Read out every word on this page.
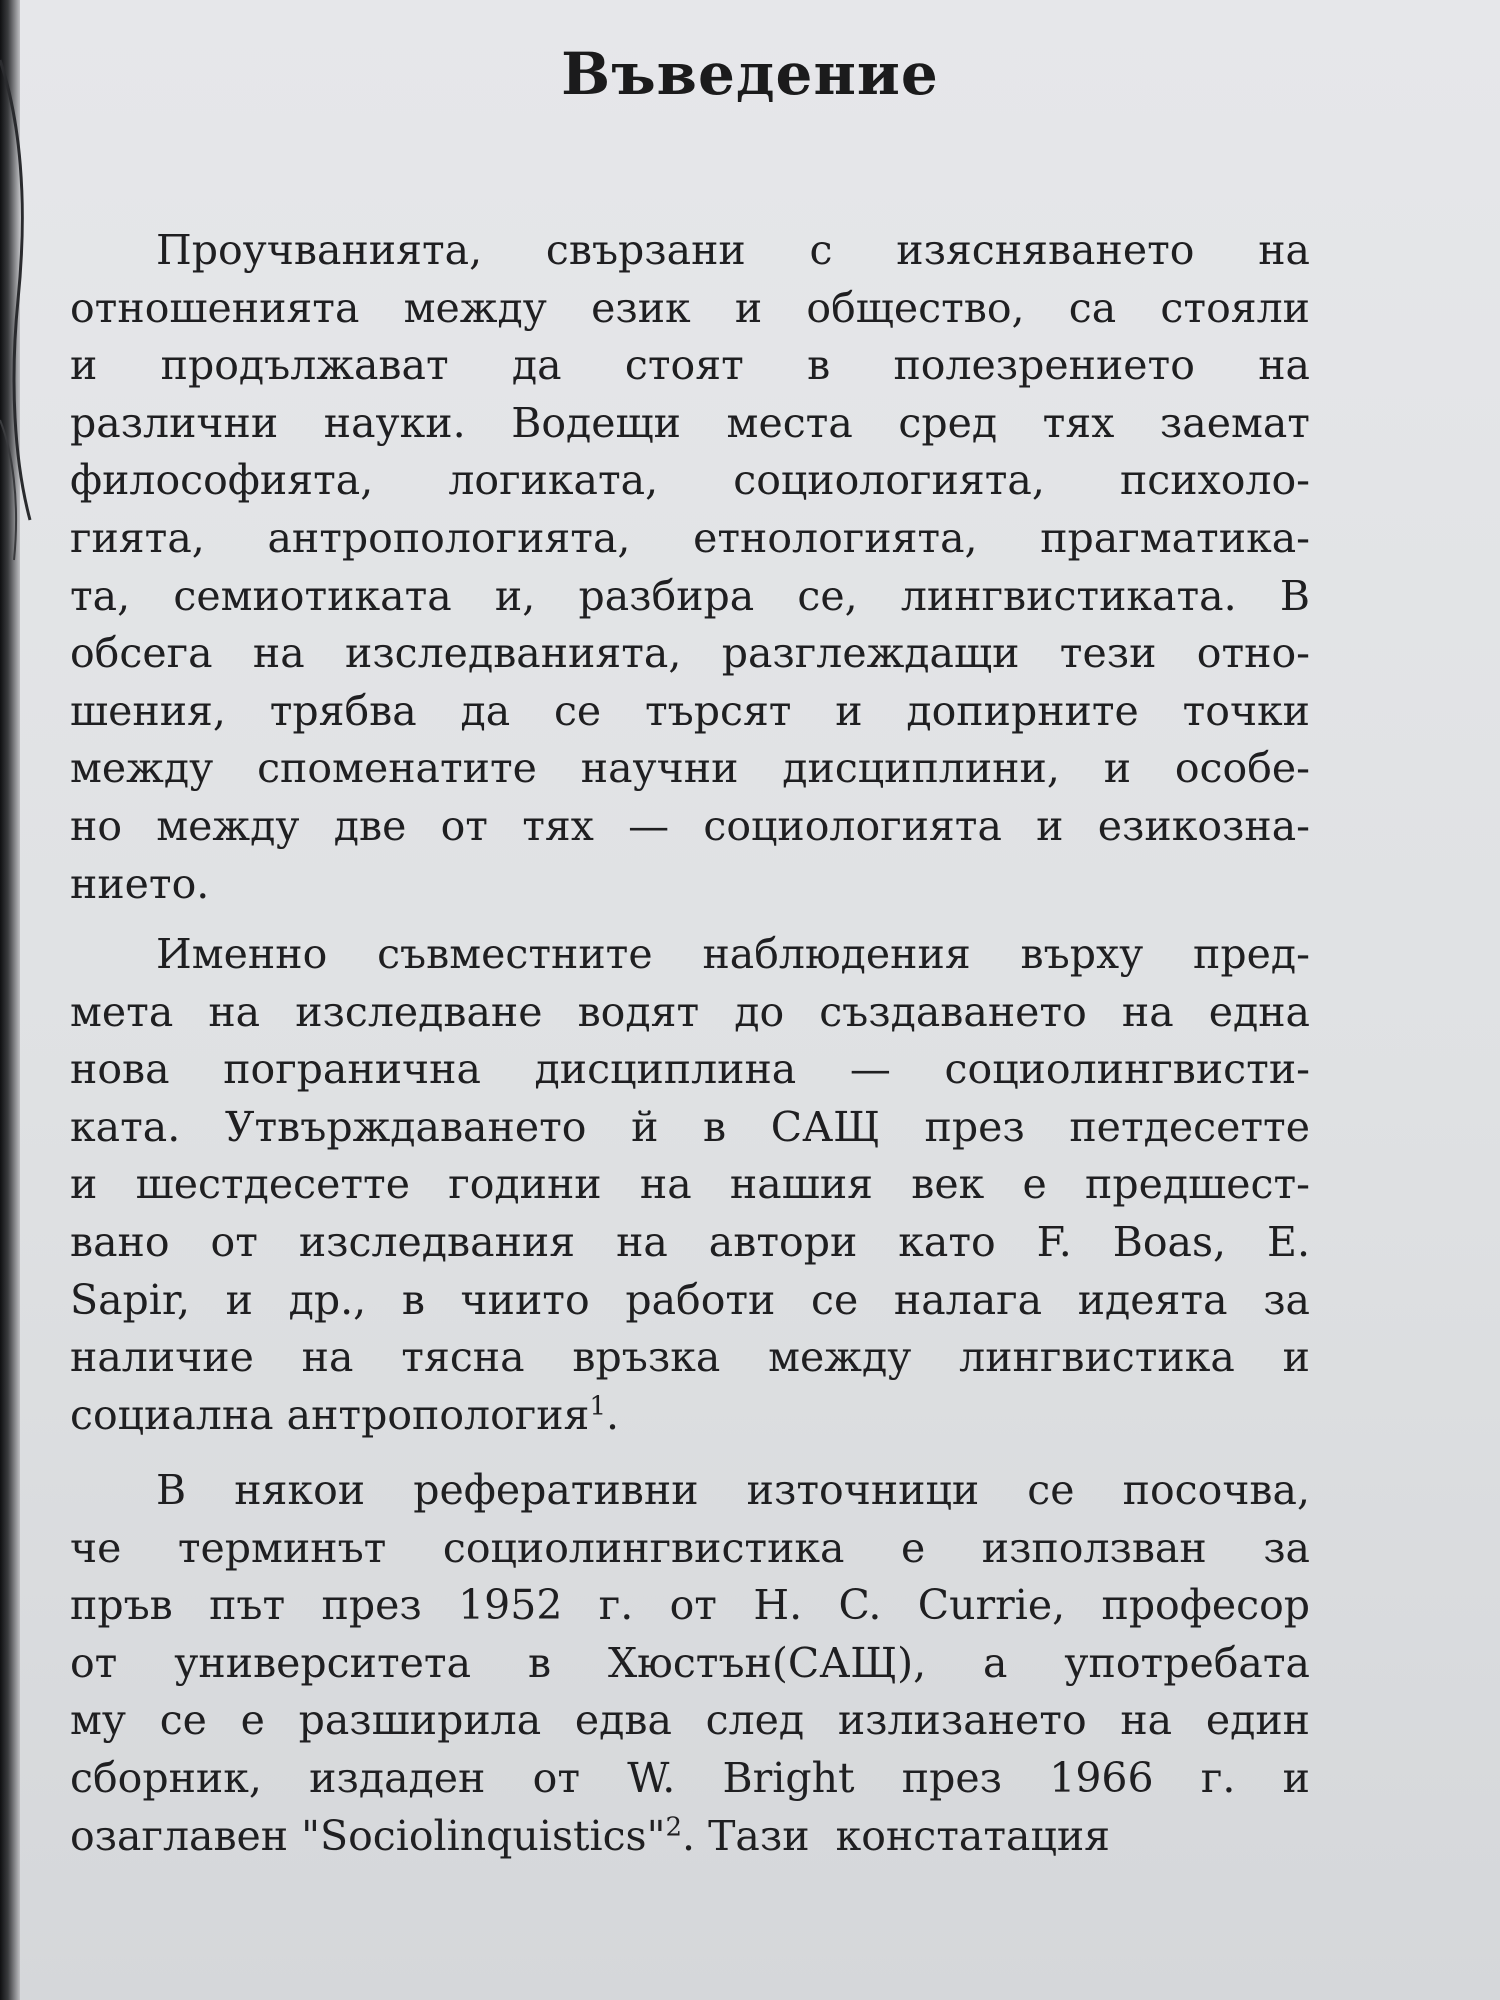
Въведение
Проучванията, свързани с изясняването на
отношенията между език и общество, са стояли
и продължават да стоят в полезрението на
различни науки. Водещи места сред тях заемат
философията, логиката, социологията, психоло-
гията, антропологията, етнологията, прагматика-
та, семиотиката и, разбира се, лингвистиката. В
обсега на изследванията, разглеждащи тези отно-
шения, трябва да се търсят и допирните точки
между споменатите научни дисциплини, и особе-
но между две от тях — социологията и езикозна-
нието.
Именно съвместните наблюдения върху пред-
мета на изследване водят до създаването на една
нова погранична дисциплина — социолингвисти-
ката. Утвърждаването й в САЩ през петдесетте
и шестдесетте години на нашия век е предшест-
вано от изследвания на автори като F. Boas, E.
Sapir, и др., в чиито работи се налага идеята за
наличие на тясна връзка между лингвистика и
социална антропология$^1$.
В някои реферативни източници се посочва,
че терминът социолингвистика е използван за
пръв път през 1952 г. от H. C. Currie, професор
от университета в Хюстън(САЩ), а употребата
му се е разширила едва след излизането на един
сборник, издаден от W. Bright през 1966 г. и
озаглавен "Sociolinquistics"$^2$. Тази  констатация
